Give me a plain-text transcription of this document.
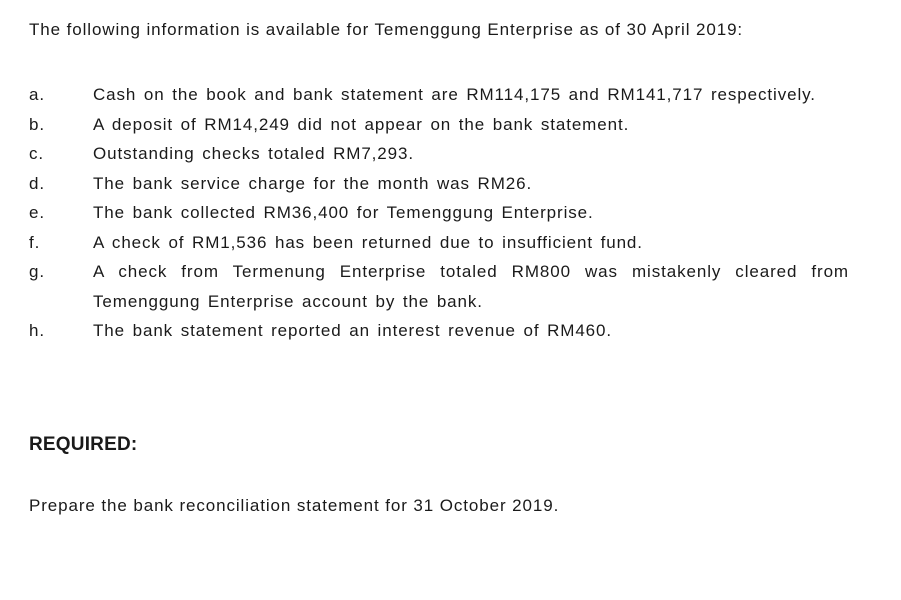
The following information is available for Temenggung Enterprise as of 30 April 2019:

a.	Cash on the book and bank statement are RM114,175 and RM141,717 respectively.
b.	A deposit of RM14,249 did not appear on the bank statement.
c.	Outstanding checks totaled RM7,293.
d.	The bank service charge for the month was RM26.
e.	The bank collected RM36,400 for Temenggung Enterprise.
f.	A check of RM1,536 has been returned due to insufficient fund.
g.	A check from Termenung Enterprise totaled RM800 was mistakenly cleared from Temenggung Enterprise account by the bank.
h.	The bank statement reported an interest revenue of RM460.
REQUIRED:

Prepare the bank reconciliation statement for 31 October 2019.
